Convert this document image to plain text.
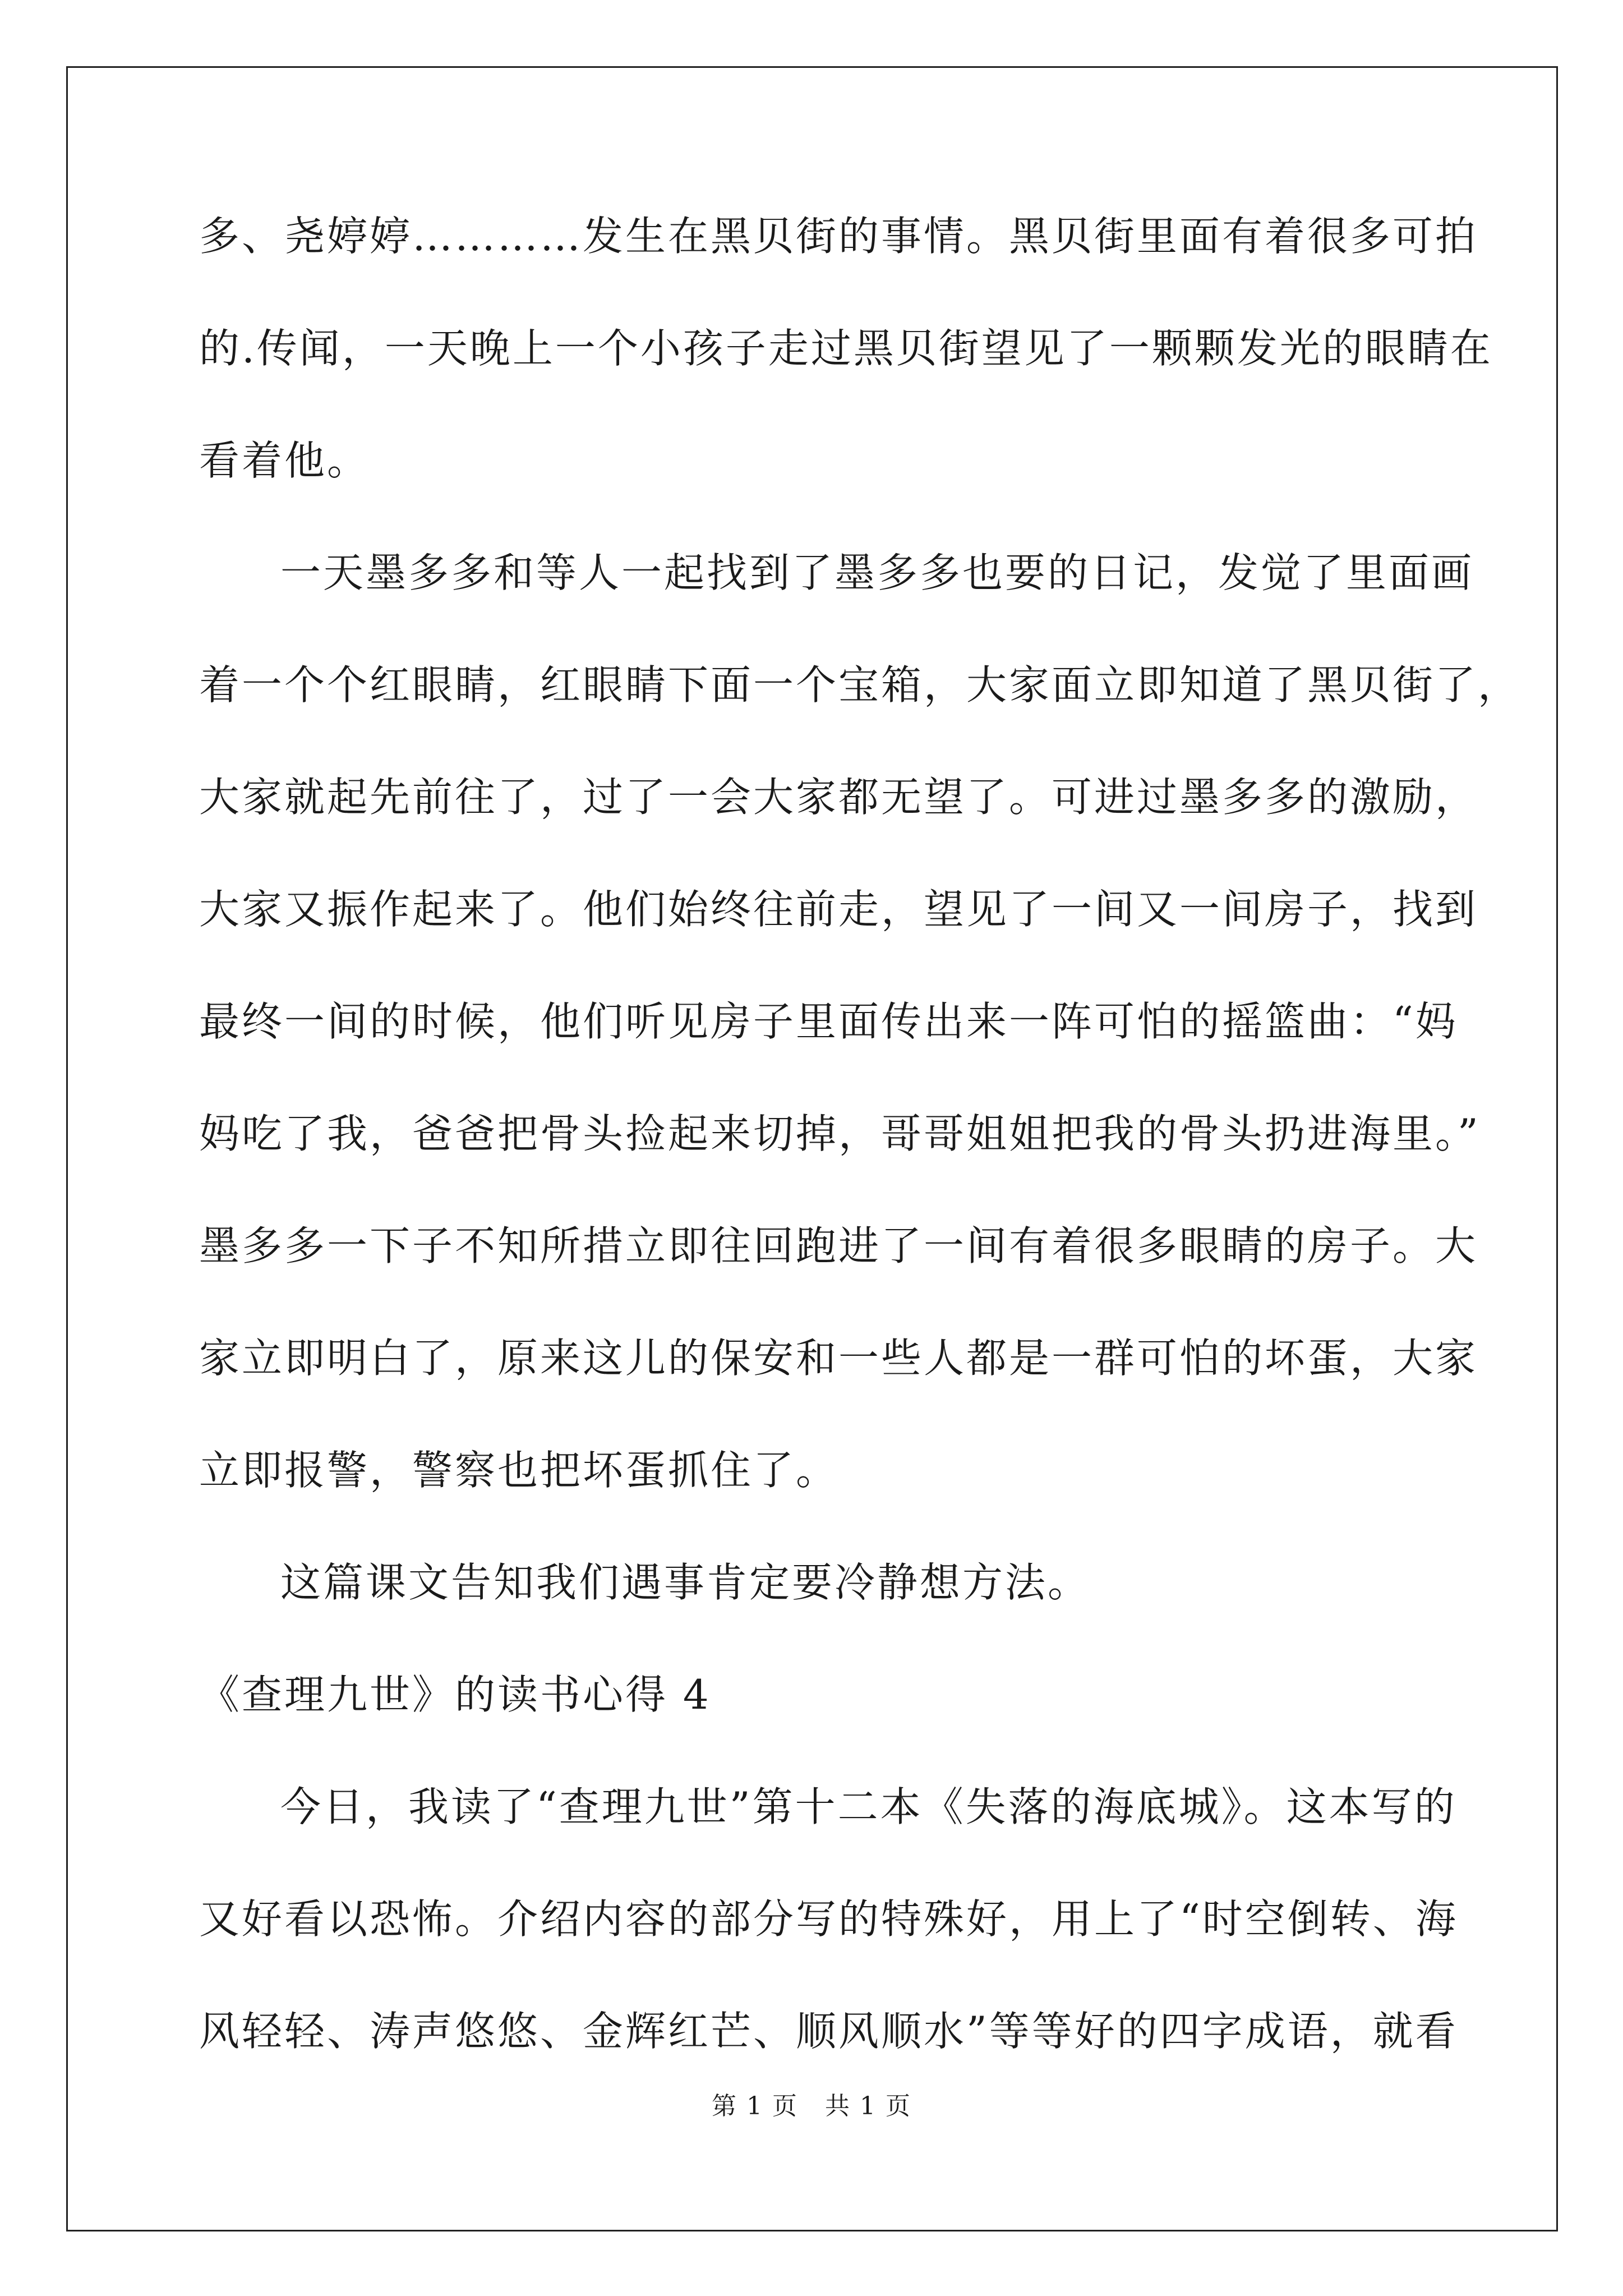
多、尧婷婷…………发生在黑贝街的事情。黑贝街里面有着很多可拍
的.传闻，一天晚上一个小孩子走过黑贝街望见了一颗颗发光的眼睛在
看着他。
一天墨多多和等人一起找到了墨多多也要的日记，发觉了里面画
着一个个红眼睛，红眼睛下面一个宝箱，大家面立即知道了黑贝街了，
大家就起先前往了，过了一会大家都无望了。可进过墨多多的激励，
大家又振作起来了。他们始终往前走，望见了一间又一间房子，找到
最终一间的时候，他们听见房子里面传出来一阵可怕的摇篮曲：“妈
妈吃了我，爸爸把骨头捡起来切掉，哥哥姐姐把我的骨头扔进海里。”
墨多多一下子不知所措立即往回跑进了一间有着很多眼睛的房子。大
家立即明白了，原来这儿的保安和一些人都是一群可怕的坏蛋，大家
立即报警，警察也把坏蛋抓住了。
这篇课文告知我们遇事肯定要冷静想方法。
《查理九世》的读书心得 4
今日，我读了“查理九世”第十二本《失落的海底城》。这本写的
又好看以恐怖。介绍内容的部分写的特殊好，用上了“时空倒转、海
风轻轻、涛声悠悠、金辉红芒、顺风顺水”等等好的四字成语，就看
第 1 页 共 1 页
